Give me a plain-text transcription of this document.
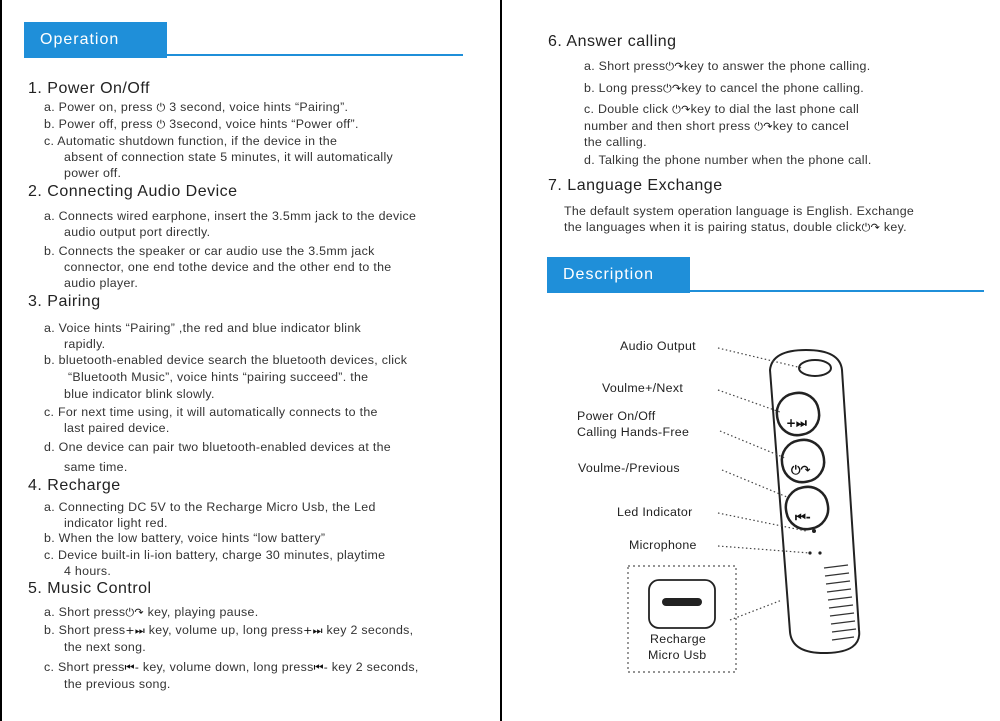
Operation
1. Power On/Off
a. Power on, press ⏻ 3 second, voice hints “Pairing”.
b. Power off, press ⏻ 3second, voice hints “Power off”.
c. Automatic shutdown function, if the device in the
absent of connection state 5 minutes, it will automatically
power off.
2. Connecting Audio Device
a. Connects wired earphone, insert the 3.5mm jack to the device
audio output port directly.
b. Connects the speaker or car audio use the 3.5mm jack
connector, one end tothe device and the other end to the
audio player.
3. Pairing
a. Voice hints “Pairing” ,the red and blue indicator blink
rapidly.
b. bluetooth-enabled device search the bluetooth devices, click
“Bluetooth Music”, voice hints “pairing succeed”. the
blue indicator blink slowly.
c. For next time using, it will automatically connects to the
last paired device.
d. One device can pair two bluetooth-enabled devices at the
same time.
4. Recharge
a. Connecting DC 5V to the Recharge Micro Usb, the Led
indicator light red.
b. When the low battery, voice hints “low battery”
c. Device built-in li-ion battery, charge 30 minutes, playtime
4 hours.
5. Music Control
a. Short press⏻↷ key, playing pause.
b. Short press+⏭ key, volume up, long press+⏭ key 2 seconds,
the next song.
c. Short press⏮- key, volume down, long press⏮- key 2 seconds,
the previous song.
6. Answer calling
a. Short press⏻↷key to answer the phone calling.
b. Long press⏻↷key to cancel the phone calling.
c. Double click ⏻↷key to dial the last phone call
number and then short press ⏻↷key to cancel
the calling.
d. Talking the phone number when the phone call.
7. Language Exchange
The default system operation language is English. Exchange
the languages when it is pairing status, double click⏻↷ key.
Description
+⏭
⏻↷
⏮-
Audio Output
Voulme+/Next
Power On/Off
Calling Hands-Free
Voulme-/Previous
Led Indicator
Microphone
Recharge
Micro Usb
